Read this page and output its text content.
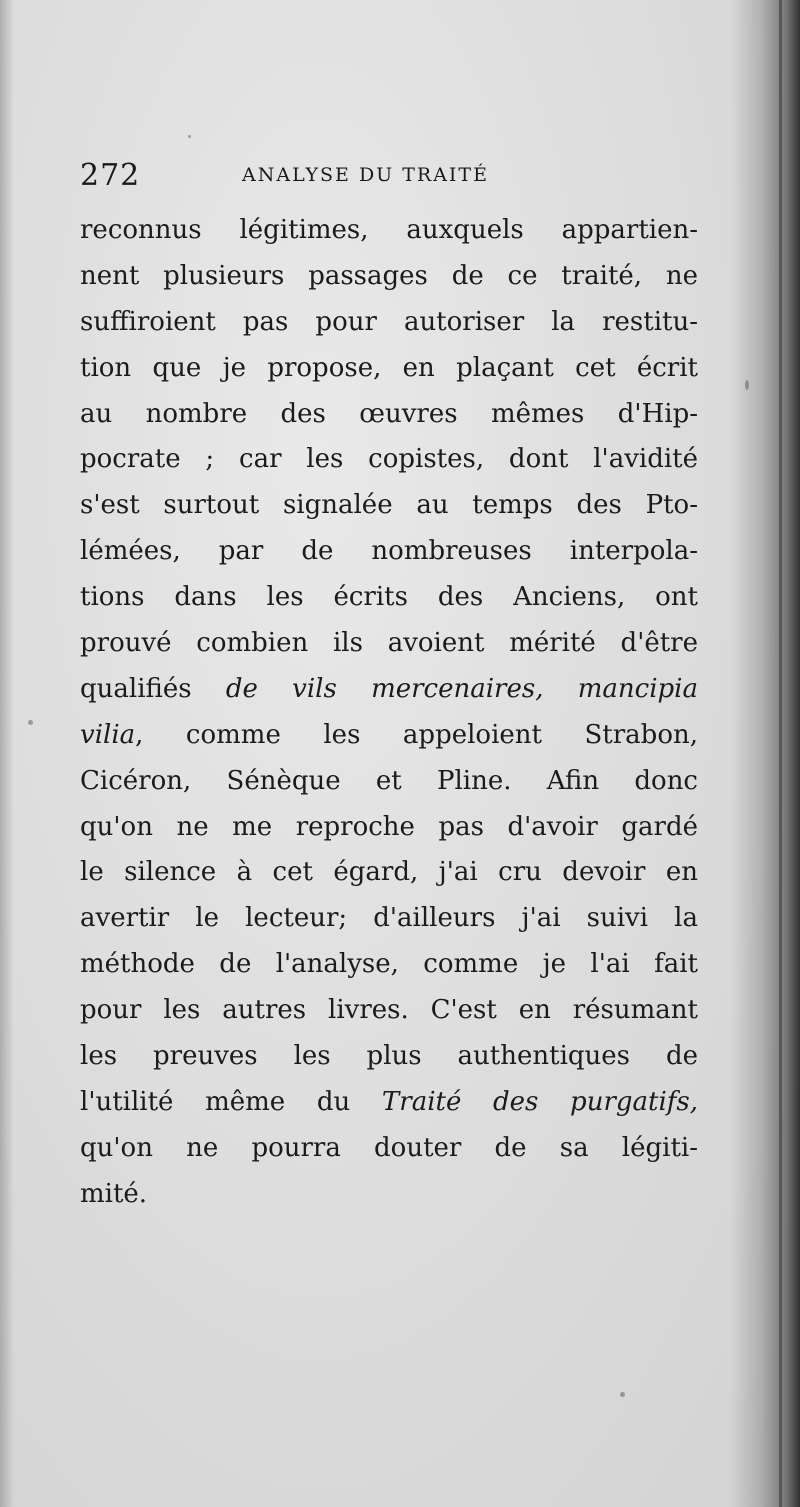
272	ANALYSE DU TRAITÉ
reconnus légitimes, auxquels appartien-
nent plusieurs passages de ce traité, ne
suffiroient pas pour autoriser la restitu-
tion que je propose, en plaçant cet écrit
au nombre des œuvres mêmes d'Hip-
pocrate ; car les copistes, dont l'avidité
s'est surtout signalée au temps des Pto-
lémées, par de nombreuses interpola-
tions dans les écrits des Anciens, ont
prouvé combien ils avoient mérité d'être
qualifiés de vils mercenaires, mancipia
vilia, comme les appeloient Strabon,
Cicéron, Sénèque et Pline. Afin donc
qu'on ne me reproche pas d'avoir gardé
le silence à cet égard, j'ai cru devoir en
avertir le lecteur; d'ailleurs j'ai suivi la
méthode de l'analyse, comme je l'ai fait
pour les autres livres. C'est en résumant
les preuves les plus authentiques de
l'utilité même du Traité des purgatifs,
qu'on ne pourra douter de sa légiti-
mité.
